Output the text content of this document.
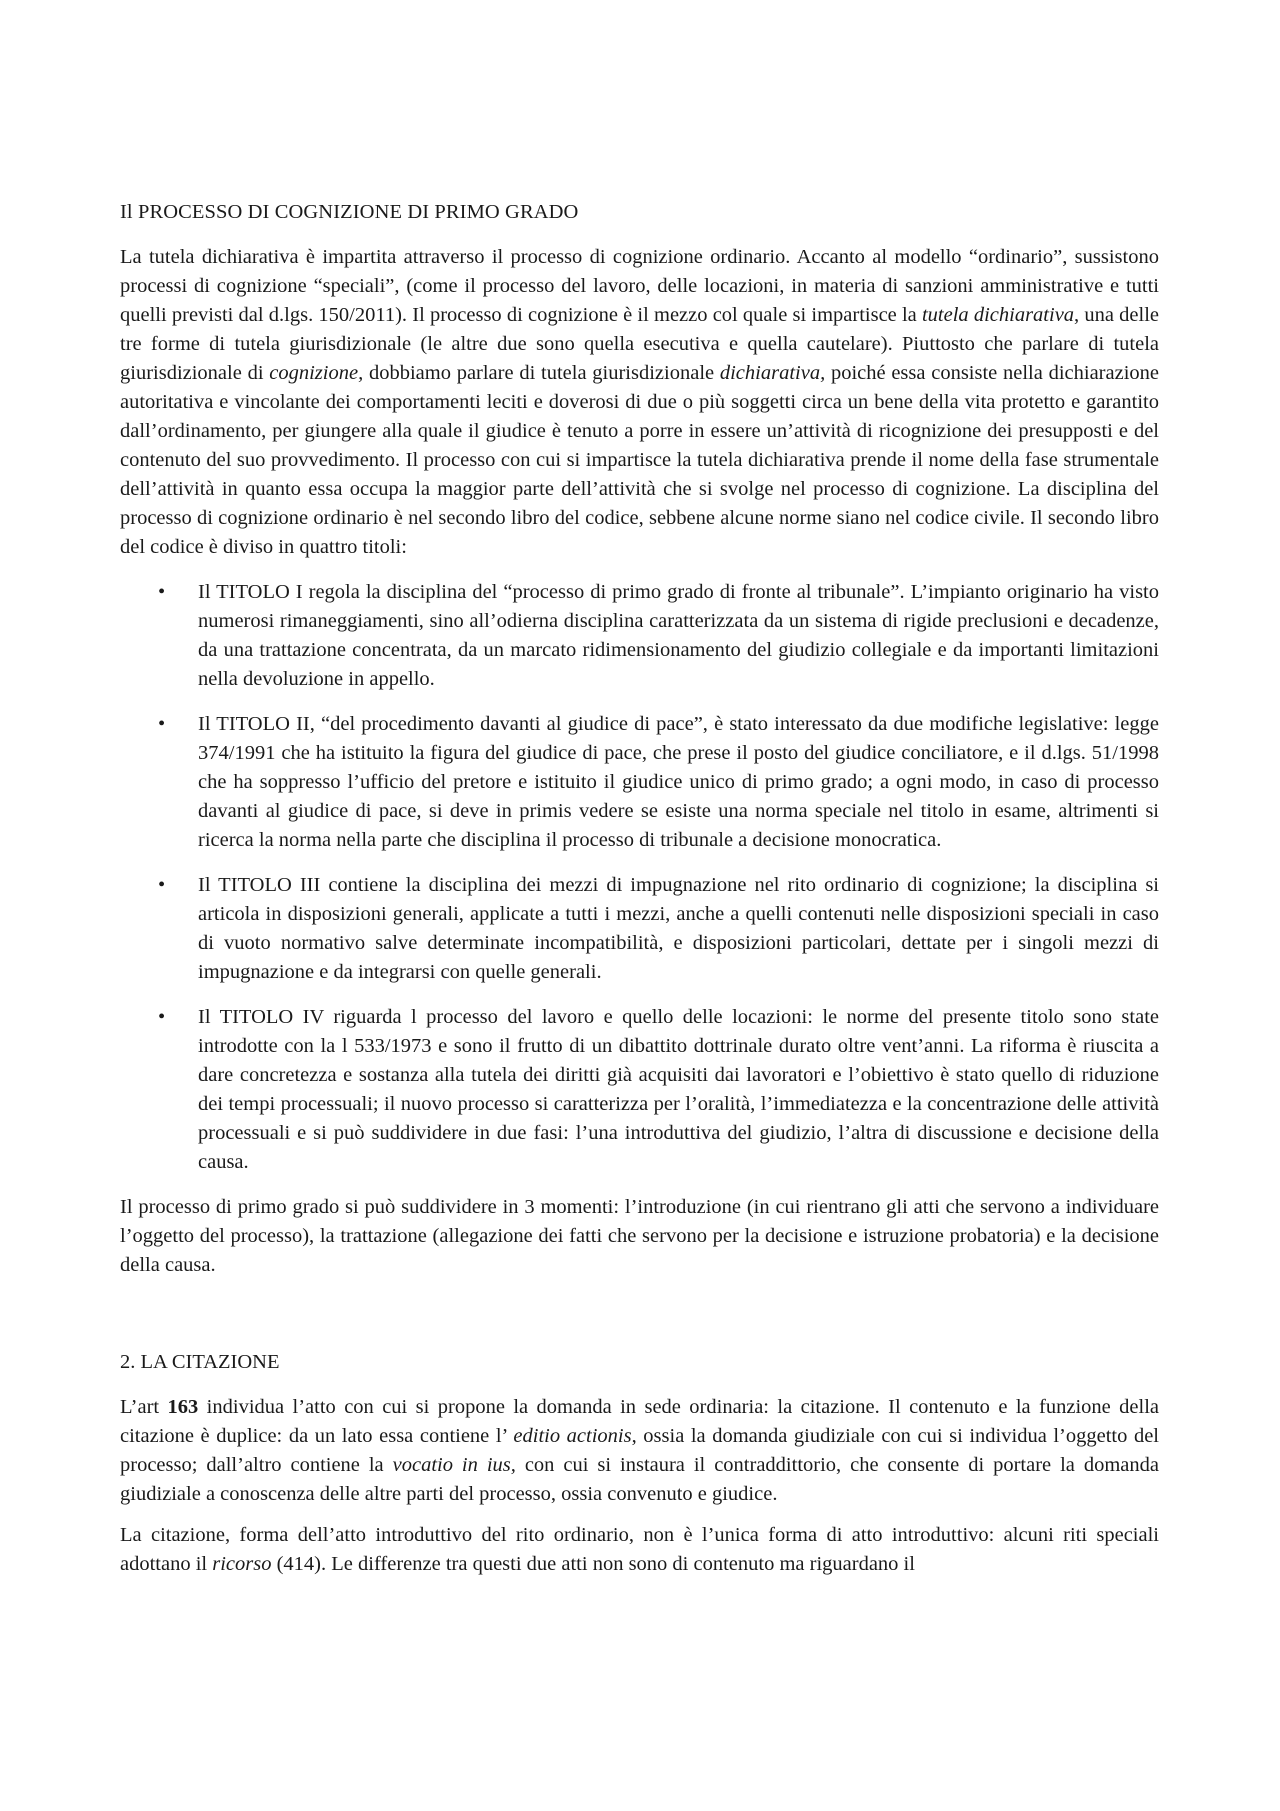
Il PROCESSO DI COGNIZIONE DI PRIMO GRADO

La tutela dichiarativa è impartita attraverso il processo di cognizione ordinario. Accanto al modello “ordinario”, sussistono processi di cognizione “speciali”, (come il processo del lavoro, delle locazioni, in materia di sanzioni amministrative e tutti quelli previsti dal d.lgs. 150/2011). Il processo di cognizione è il mezzo col quale si impartisce la tutela dichiarativa, una delle tre forme di tutela giurisdizionale (le altre due sono quella esecutiva e quella cautelare). Piuttosto che parlare di tutela giurisdizionale di cognizione, dobbiamo parlare di tutela giurisdizionale dichiarativa, poiché essa consiste nella dichiarazione autoritativa e vincolante dei comportamenti leciti e doverosi di due o più soggetti circa un bene della vita protetto e garantito dall’ordinamento, per giungere alla quale il giudice è tenuto a porre in essere un’attività di ricognizione dei presupposti e del contenuto del suo provvedimento. Il processo con cui si impartisce la tutela dichiarativa prende il nome della fase strumentale dell’attività in quanto essa occupa la maggior parte dell’attività che si svolge nel processo di cognizione. La disciplina del processo di cognizione ordinario è nel secondo libro del codice, sebbene alcune norme siano nel codice civile. Il secondo libro del codice è diviso in quattro titoli:

• Il TITOLO I regola la disciplina del “processo di primo grado di fronte al tribunale”. L’impianto originario ha visto numerosi rimaneggiamenti, sino all’odierna disciplina caratterizzata da un sistema di rigide preclusioni e decadenze, da una trattazione concentrata, da un marcato ridimensionamento del giudizio collegiale e da importanti limitazioni nella devoluzione in appello.
• Il TITOLO II, “del procedimento davanti al giudice di pace”, è stato interessato da due modifiche legislative: legge 374/1991 che ha istituito la figura del giudice di pace, che prese il posto del giudice conciliatore, e il d.lgs. 51/1998 che ha soppresso l’ufficio del pretore e istituito il giudice unico di primo grado; a ogni modo, in caso di processo davanti al giudice di pace, si deve in primis vedere se esiste una norma speciale nel titolo in esame, altrimenti si ricerca la norma nella parte che disciplina il processo di tribunale a decisione monocratica.
• Il TITOLO III contiene la disciplina dei mezzi di impugnazione nel rito ordinario di cognizione; la disciplina si articola in disposizioni generali, applicate a tutti i mezzi, anche a quelli contenuti nelle disposizioni speciali in caso di vuoto normativo salve determinate incompatibilità, e disposizioni particolari, dettate per i singoli mezzi di impugnazione e da integrarsi con quelle generali.
• Il TITOLO IV riguarda l processo del lavoro e quello delle locazioni: le norme del presente titolo sono state introdotte con la l 533/1973 e sono il frutto di un dibattito dottrinale durato oltre vent’anni. La riforma è riuscita a dare concretezza e sostanza alla tutela dei diritti già acquisiti dai lavoratori e l’obiettivo è stato quello di riduzione dei tempi processuali; il nuovo processo si caratterizza per l’oralità, l’immediatezza e la concentrazione delle attività processuali e si può suddividere in due fasi: l’una introduttiva del giudizio, l’altra di discussione e decisione della causa.

Il processo di primo grado si può suddividere in 3 momenti: l’introduzione (in cui rientrano gli atti che servono a individuare l’oggetto del processo), la trattazione (allegazione dei fatti che servono per la decisione e istruzione probatoria) e la decisione della causa.

2. LA CITAZIONE

L’art 163 individua l’atto con cui si propone la domanda in sede ordinaria: la citazione. Il contenuto e la funzione della citazione è duplice: da un lato essa contiene l’ editio actionis, ossia la domanda giudiziale con cui si individua l’oggetto del processo; dall’altro contiene la vocatio in ius, con cui si instaura il contraddittorio, che consente di portare la domanda giudiziale a conoscenza delle altre parti del processo, ossia convenuto e giudice.

La citazione, forma dell’atto introduttivo del rito ordinario, non è l’unica forma di atto introduttivo: alcuni riti speciali adottano il ricorso (414). Le differenze tra questi due atti non sono di contenuto ma riguardano il
